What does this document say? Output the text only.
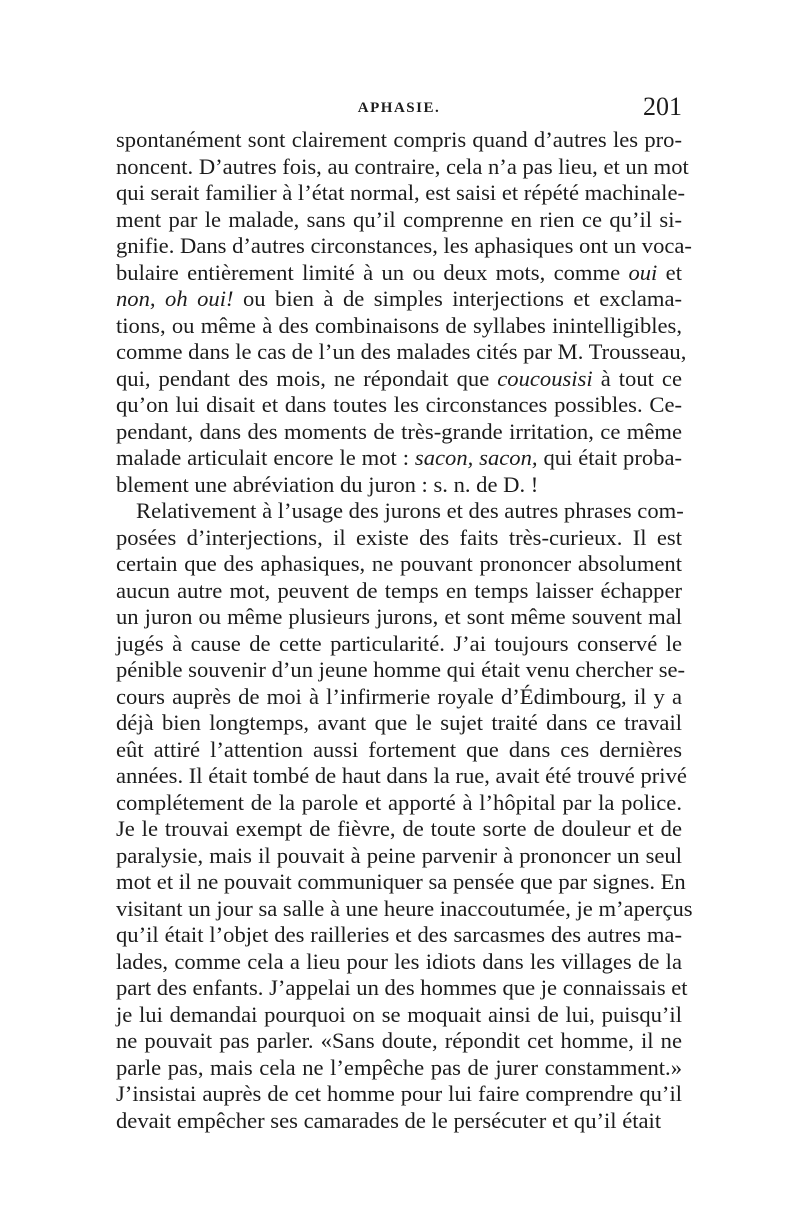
APHASIE.	201
spontanément sont clairement compris quand d’autres les pro-
noncent. D’autres fois, au contraire, cela n’a pas lieu, et un mot
qui serait familier à l’état normal, est saisi et répété machinale-
ment par le malade, sans qu’il comprenne en rien ce qu’il si-
gnifie. Dans d’autres circonstances, les aphasiques ont un voca-
bulaire entièrement limité à un ou deux mots, comme oui et
non, oh oui! ou bien à de simples interjections et exclama-
tions, ou même à des combinaisons de syllabes inintelligibles,
comme dans le cas de l’un des malades cités par M. Trousseau,
qui, pendant des mois, ne répondait que coucousisi à tout ce
qu’on lui disait et dans toutes les circonstances possibles. Ce-
pendant, dans des moments de très-grande irritation, ce même
malade articulait encore le mot : sacon, sacon, qui était proba-
blement une abréviation du juron : s. n. de D. !
Relativement à l’usage des jurons et des autres phrases com-
posées d’interjections, il existe des faits très-curieux. Il est
certain que des aphasiques, ne pouvant prononcer absolument
aucun autre mot, peuvent de temps en temps laisser échapper
un juron ou même plusieurs jurons, et sont même souvent mal
jugés à cause de cette particularité. J’ai toujours conservé le
pénible souvenir d’un jeune homme qui était venu chercher se-
cours auprès de moi à l’infirmerie royale d’Édimbourg, il y a
déjà bien longtemps, avant que le sujet traité dans ce travail
eût attiré l’attention aussi fortement que dans ces dernières
années. Il était tombé de haut dans la rue, avait été trouvé privé
complétement de la parole et apporté à l’hôpital par la police.
Je le trouvai exempt de fièvre, de toute sorte de douleur et de
paralysie, mais il pouvait à peine parvenir à prononcer un seul
mot et il ne pouvait communiquer sa pensée que par signes. En
visitant un jour sa salle à une heure inaccoutumée, je m’aperçus
qu’il était l’objet des railleries et des sarcasmes des autres ma-
lades, comme cela a lieu pour les idiots dans les villages de la
part des enfants. J’appelai un des hommes que je connaissais et
je lui demandai pourquoi on se moquait ainsi de lui, puisqu’il
ne pouvait pas parler. «Sans doute, répondit cet homme, il ne
parle pas, mais cela ne l’empêche pas de jurer constamment.»
J’insistai auprès de cet homme pour lui faire comprendre qu’il
devait empêcher ses camarades de le persécuter et qu’il était
